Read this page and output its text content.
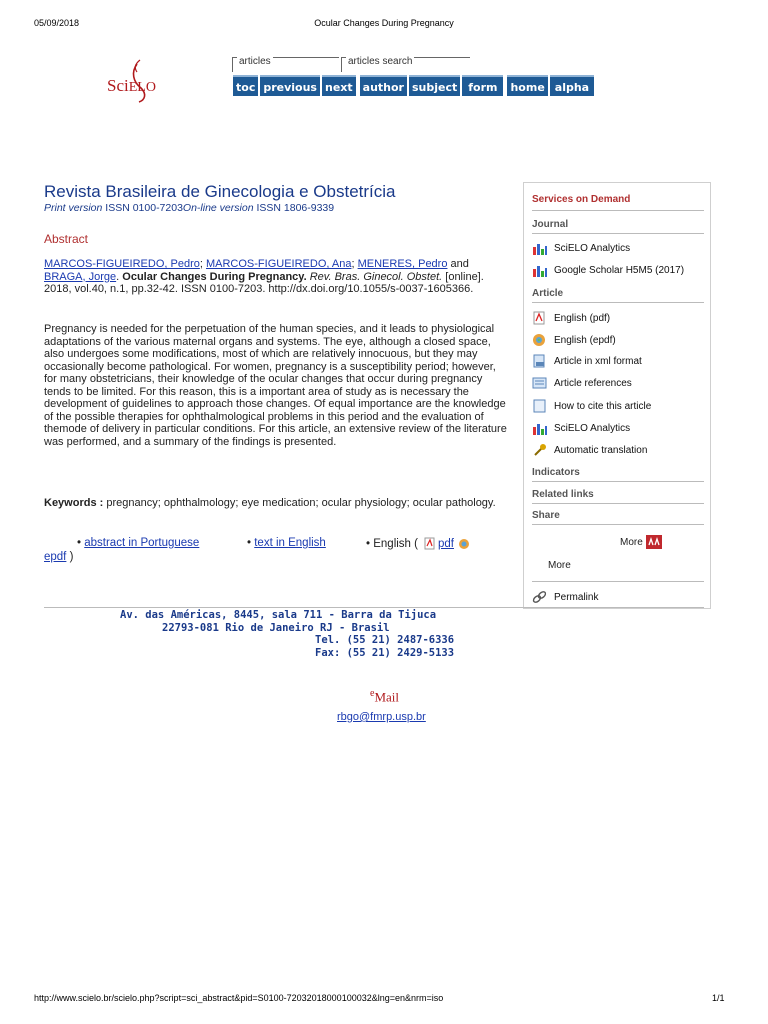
05/09/2018	Ocular Changes During Pregnancy
SciELO
articles	articles search
toc previous next author subject	form	home alpha
Revista Brasileira de Ginecologia e Obstetrícia
Print version ISSN 0100-7203On-line version ISSN 1806-9339
Abstract
MARCOS-FIGUEIREDO, Pedro; MARCOS-FIGUEIREDO, Ana; MENERES, Pedro and BRAGA, Jorge. Ocular Changes During Pregnancy. Rev. Bras. Ginecol. Obstet. [online]. 2018, vol.40, n.1, pp.32-42. ISSN 0100-7203. http://dx.doi.org/10.1055/s-0037-1605366.
Pregnancy is needed for the perpetuation of the human species, and it leads to physiological adaptations of the various maternal organs and systems. The eye, although a closed space, also undergoes some modifications, most of which are relatively innocuous, but they may occasionally become pathological. For women, pregnancy is a susceptibility period; however, for many obstetricians, their knowledge of the ocular changes that occur during pregnancy tends to be limited. For this reason, this is a important area of study as is necessary the development of guidelines to approach those changes. Of equal importance are the knowledge of the possible therapies for ophthalmological problems in this period and the evaluation of themode of delivery in particular conditions. For this article, an extensive review of the literature was performed, and a summary of the findings is presented.
Keywords : pregnancy; ophthalmology; eye medication; ocular physiology; ocular pathology.
• abstract in Portuguese	• text in English	• English ( pdf
epdf )
Services on Demand
Journal
SciELO Analytics
Google Scholar H5M5 (2017)
Article
English (pdf)
English (epdf)
Article in xml format
Article references
How to cite this article
SciELO Analytics
Automatic translation
Indicators
Related links
Share
More
More
Permalink
Av. das Américas, 8445, sala 711 - Barra da Tijuca
22793-081 Rio de Janeiro RJ - Brasil
Tel. (55 21) 2487-6336
Fax: (55 21) 2429-5133
$^e$Mail
rbgo@fmrp.usp.br
http://www.scielo.br/scielo.php?script=sci_abstract&pid=S0100-72032018000100032&lng=en&nrm=iso	1/1
